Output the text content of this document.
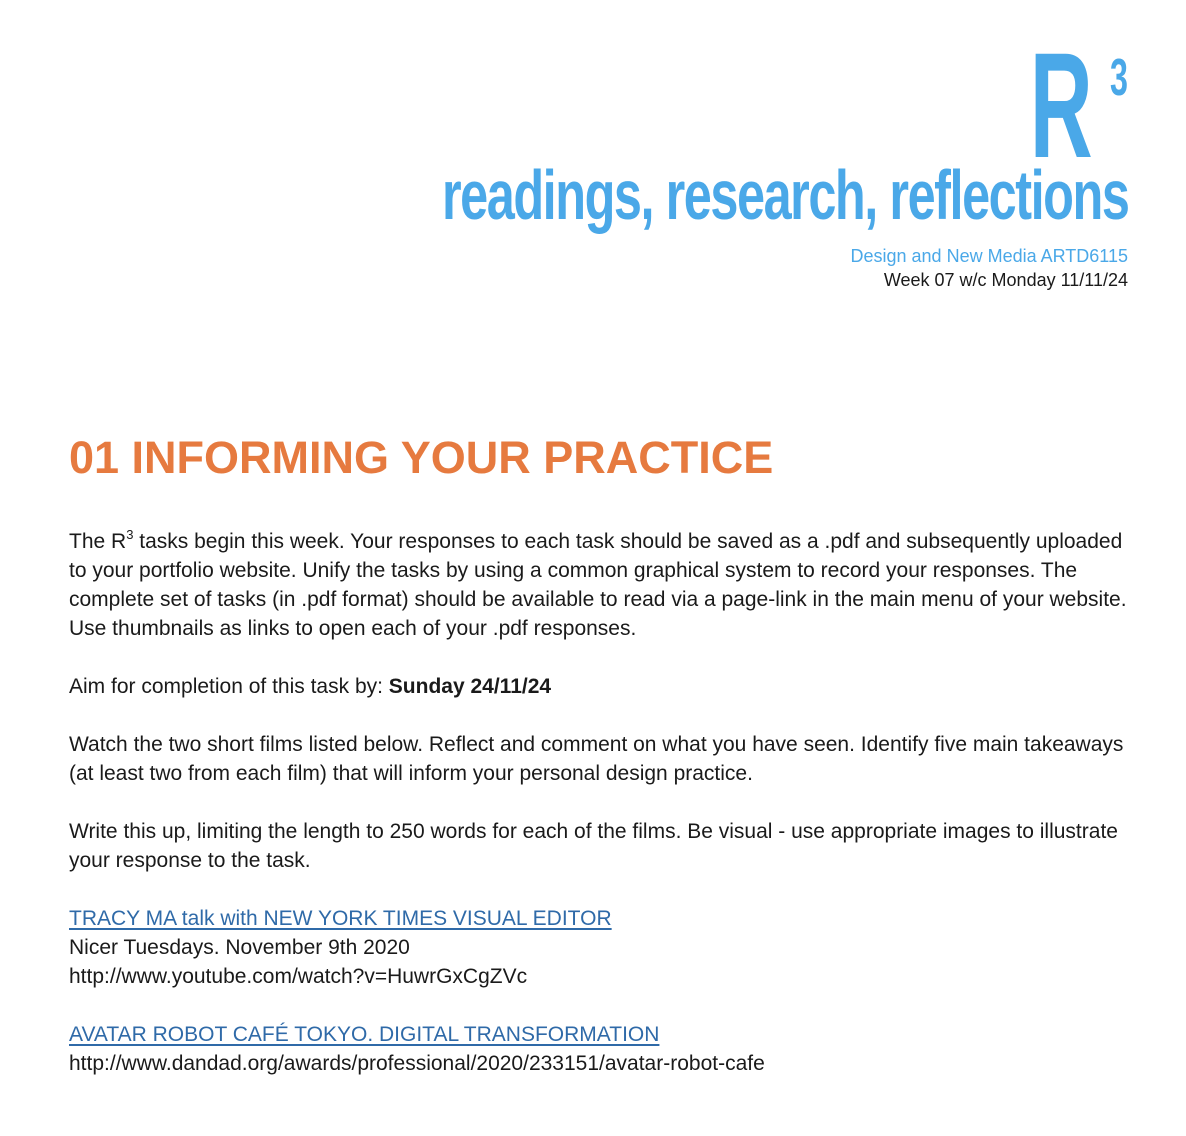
R 3
readings, research, reflections
Design and New Media ARTD6115
Week 07 w/c Monday 11/11/24
01 INFORMING YOUR PRACTICE

The $R^3$ tasks begin this week. Your responses to each task should be saved as a .pdf and subsequently uploaded to your portfolio website. Unify the tasks by using a common graphical system to record your responses. The complete set of tasks (in .pdf format) should be available to read via a page-link in the main menu of your website. Use thumbnails as links to open each of your .pdf responses.

Aim for completion of this task by: Sunday 24/11/24

Watch the two short films listed below. Reflect and comment on what you have seen. Identify five main takeaways (at least two from each film) that will inform your personal design practice.

Write this up, limiting the length to 250 words for each of the films. Be visual - use appropriate images to illustrate your response to the task.

TRACY MA talk with NEW YORK TIMES VISUAL EDITOR
Nicer Tuesdays. November 9th 2020
http://www.youtube.com/watch?v=HuwrGxCgZVc

AVATAR ROBOT CAFÉ TOKYO. DIGITAL TRANSFORMATION
http://www.dandad.org/awards/professional/2020/233151/avatar-robot-cafe
